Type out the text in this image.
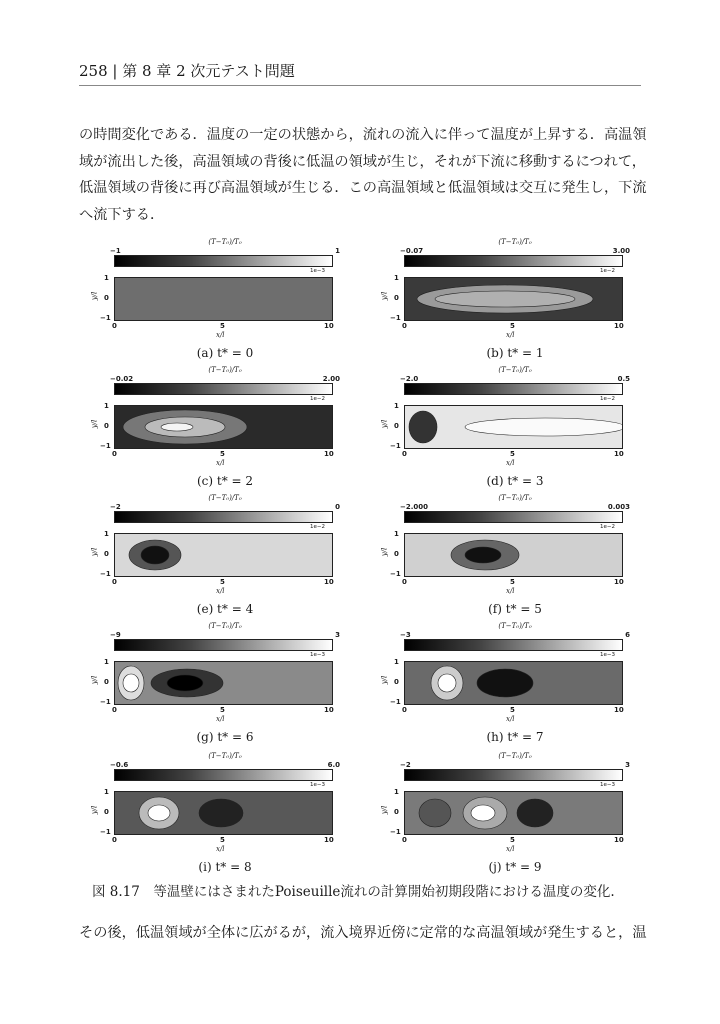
258 | 第 8 章 2 次元テスト問題
の時間変化である．温度の一定の状態から，流れの流入に伴って温度が上昇する．高温領
域が流出した後，高温領域の背後に低温の領域が生じ，それが下流に移動するにつれて，
低温領域の背後に再び高温領域が生じる．この高温領域と低温領域は交互に発生し，下流
へ流下する．
(T−T₀)/T₀
−1	1
1e−3
1
0
−1
y/l
0	5	10
x/l
(a) t* = 0
(T−T₀)/T₀
−0.07	3.00
1e−2
1
0
−1
y/l
0	5	10
x/l
(b) t* = 1
(T−T₀)/T₀
−0.02	2.00
1e−2
1
0
−1
y/l
0	5	10
x/l
(c) t* = 2
(T−T₀)/T₀
−2.0	0.5
1e−2
1
0
−1
y/l
0	5	10
x/l
(d) t* = 3
(T−T₀)/T₀
−2	0
1e−2
1
0
−1
y/l
0	5	10
x/l
(e) t* = 4
(T−T₀)/T₀
−2.000	0.003
1e−2
1
0
−1
y/l
0	5	10
x/l
(f) t* = 5
(T−T₀)/T₀
−9	3
1e−3
1
0
−1
y/l
0	5	10
x/l
(g) t* = 6
(T−T₀)/T₀
−3	6
1e−3
1
0
−1
y/l
0	5	10
x/l
(h) t* = 7
(T−T₀)/T₀
−0.6	6.0
1e−3
1
0
−1
y/l
0	5	10
x/l
(i) t* = 8
(T−T₀)/T₀
−2	3
1e−3
1
0
−1
y/l
0	5	10
x/l
(j) t* = 9
図 8.17　等温壁にはさまれたPoiseuille流れの計算開始初期段階における温度の変化.
その後，低温領域が全体に広がるが，流入境界近傍に定常的な高温領域が発生すると，温
